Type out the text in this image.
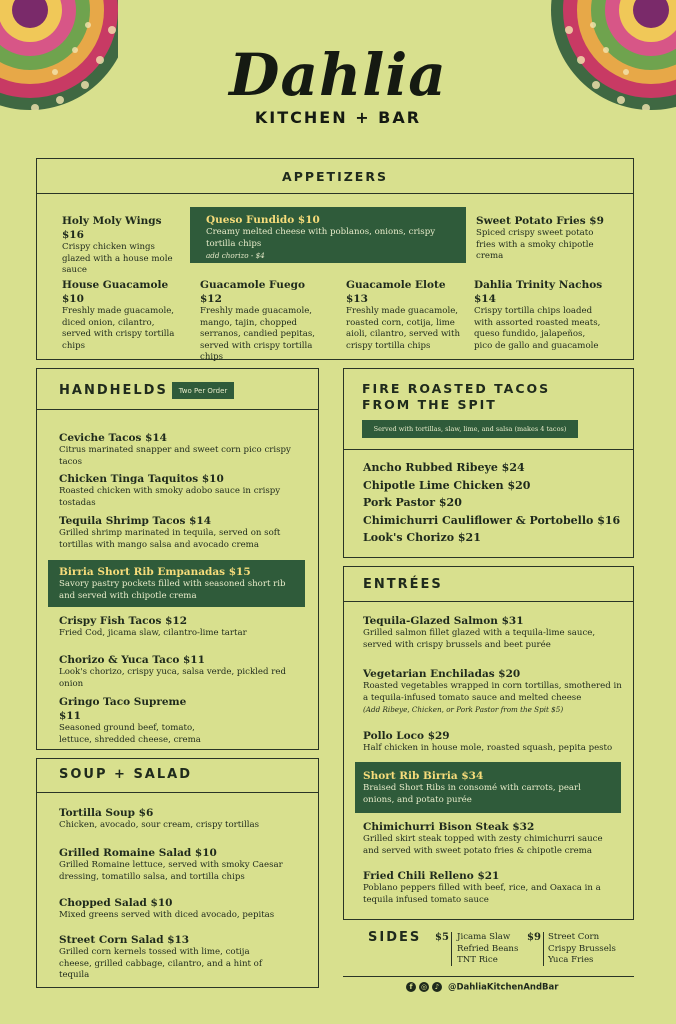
Dahlia
KITCHEN + BAR
APPETIZERS
Holy Moly Wings $16
Crispy chicken wings glazed with a house mole sauce
Queso Fundido $10
Creamy melted cheese with poblanos, onions, crispy tortilla chips
add chorizo - $4
Sweet Potato Fries $9
Spiced crispy sweet potato fries with a smoky chipotle crema
House Guacamole $10
Freshly made guacamole, diced onion, cilantro, served with crispy tortilla chips
Guacamole Fuego $12
Freshly made guacamole, mango, tajin, chopped serranos, candied pepitas, served with crispy tortilla chips
Guacamole Elote $13
Freshly made guacamole, roasted corn, cotija, lime aioli, cilantro, served with crispy tortilla chips
Dahlia Trinity Nachos $14
Crispy tortilla chips loaded with assorted roasted meats, queso fundido, jalapeños, pico de gallo and guacamole
HANDHELDS	Two Per Order
Ceviche Tacos $14
Citrus marinated snapper and sweet corn pico crispy tacos
Chicken Tinga Taquitos $10
Roasted chicken with smoky adobo sauce in crispy tostadas
Tequila Shrimp Tacos $14
Grilled shrimp marinated in tequila, served on soft tortillas with mango salsa and avocado crema
Birria Short Rib Empanadas $15
Savory pastry pockets filled with seasoned short rib and served with chipotle crema
Crispy Fish Tacos $12
Fried Cod, jicama slaw, cilantro-lime tartar
Chorizo & Yuca Taco $11
Look's chorizo, crispy yuca, salsa verde, pickled red onion
Gringo Taco Supreme $11
Seasoned ground beef, tomato, lettuce, shredded cheese, crema
FIRE ROASTED TACOS
FROM THE SPIT
Served with tortillas, slaw, lime, and salsa (makes 4 tacos)
Ancho Rubbed Ribeye $24
Chipotle Lime Chicken $20
Pork Pastor $20
Chimichurri Cauliflower & Portobello $16
Look's Chorizo $21
ENTRÉES
Tequila-Glazed Salmon $31
Grilled salmon fillet glazed with a tequila-lime sauce, served with crispy brussels and beet purée
Vegetarian Enchiladas $20
Roasted vegetables wrapped in corn tortillas, smothered in a tequila-infused tomato sauce and melted cheese
(Add Ribeye, Chicken, or Pork Pastor from the Spit $5)
Pollo Loco $29
Half chicken in house mole, roasted squash, pepita pesto
Short Rib Birria $34
Braised Short Ribs in consomé with carrots, pearl onions, and potato purée
Chimichurri Bison Steak $32
Grilled skirt steak topped with zesty chimichurri sauce and served with sweet potato fries & chipotle crema
Fried Chili Relleno $21
Poblano peppers filled with beef, rice, and Oaxaca in a tequila infused tomato sauce
SOUP + SALAD
Tortilla Soup $6
Chicken, avocado, sour cream, crispy tortillas
Grilled Romaine Salad $10
Grilled Romaine lettuce, served with smoky Caesar dressing, tomatillo salsa, and tortilla chips
Chopped Salad $10
Mixed greens served with diced avocado, pepitas
Street Corn Salad $13
Grilled corn kernels tossed with lime, cotija cheese, grilled cabbage, cilantro, and a hint of tequila
SIDES $5 Jicama Slaw
Refried Beans
TNT Rice
$9 Street Corn
Crispy Brussels
Yuca Fries
f ◎ ♪ @DahliaKitchenAndBar
